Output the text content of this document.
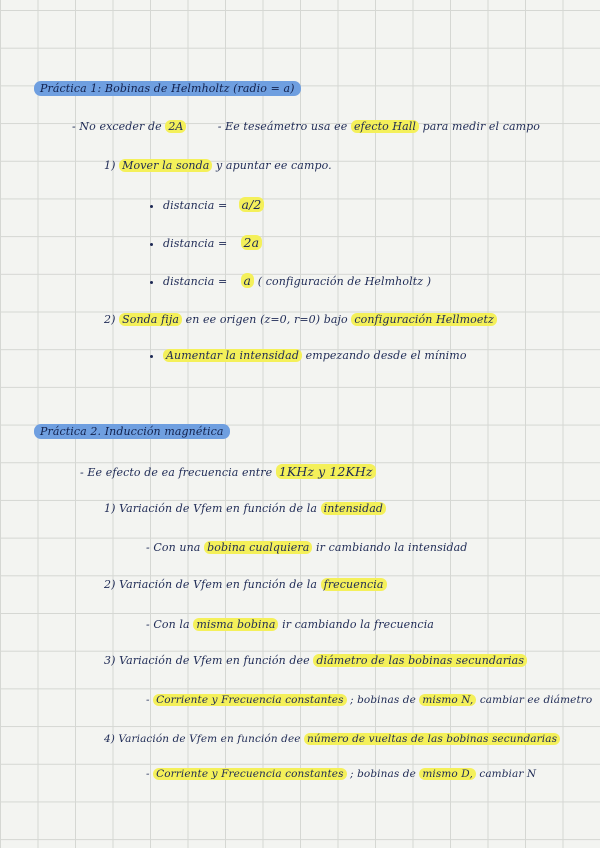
Práctica 1: Bobinas de Helmholtz (radio = a)
- No exceder de 2A	- Ee teseámetro usa ee efecto Hall para medir el campo
1) Mover la sonda y apuntar ee campo.
distancia = a/2
distancia = 2a
distancia = a ( configuración de Helmholtz )
2) Sonda fija en ee origen (z=0, r=0) bajo configuración Hellmoetz
Aumentar la intensidad empezando desde el mínimo
Práctica 2. Inducción magnética
- Ee efecto de ea frecuencia entre 1KHz y 12KHz
1) Variación de Vfem en función de la intensidad
- Con una bobina cualquiera ir cambiando la intensidad
2) Variación de Vfem en función de la frecuencia
- Con la misma bobina ir cambiando la frecuencia
3) Variación de Vfem en función dee diámetro de las bobinas secundarias
- Corriente y Frecuencia constantes ; bobinas de mismo N, cambiar ee diámetro
4) Variación de Vfem en función dee número de vueltas de las bobinas secundarias
- Corriente y Frecuencia constantes ; bobinas de mismo D, cambiar N
